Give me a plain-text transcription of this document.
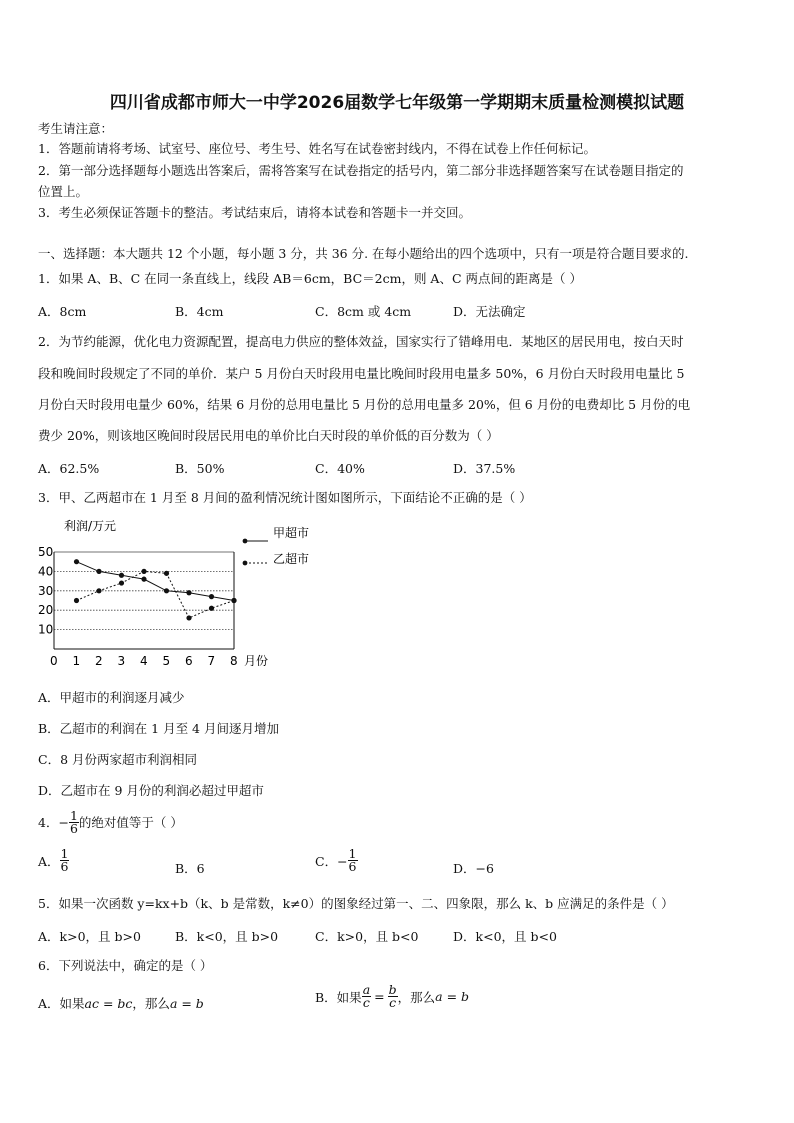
四川省成都市师大一中学2026届数学七年级第一学期期末质量检测模拟试题
考生请注意：
1．答题前请将考场、试室号、座位号、考生号、姓名写在试卷密封线内，不得在试卷上作任何标记。
2．第一部分选择题每小题选出答案后，需将答案写在试卷指定的括号内，第二部分非选择题答案写在试卷题目指定的
位置上。
3．考生必须保证答题卡的整洁。考试结束后，请将本试卷和答题卡一并交回。
一、选择题：本大题共 12 个小题，每小题 3 分，共 36 分. 在每小题给出的四个选项中，只有一项是符合题目要求的.
1．如果 A、B、C 在同一条直线上，线段 AB＝6cm，BC＝2cm，则 A、C 两点间的距离是（ ）
A．8cm	B．4cm	C．8cm 或 4cm	D．无法确定
2．为节约能源，优化电力资源配置，提高电力供应的整体效益，国家实行了错峰用电．某地区的居民用电，按白天时
段和晚间时段规定了不同的单价．某户 5 月份白天时段用电量比晚间时段用电量多 50%，6 月份白天时段用电量比 5
月份白天时段用电量少 60%，结果 6 月份的总用电量比 5 月份的总用电量多 20%，但 6 月份的电费却比 5 月份的电
费少 20%，则该地区晚间时段居民用电的单价比白天时段的单价低的百分数为（ ）
A．62.5%	B．50%	C．40%	D．37.5%
3．甲、乙两超市在 1 月至 8 月间的盈利情况统计图如图所示，下面结论不正确的是（ ）
利润/万元
月份
10
20
30
40
50
0 1 2 3 4 5 6 7 8
甲超市
乙超市
A．甲超市的利润逐月减少
B．乙超市的利润在 1 月至 4 月间逐月增加
C．8 月份两家超市利润相同
D．乙超市在 9 月份的利润必超过甲超市
4．− $\frac{1}{6}$ 的绝对值等于（ ）
A． $\frac{1}{6}$	B．6	C．− $\frac{1}{6}$	D．−6
5．如果一次函数 y=kx+b（k、b 是常数，k≠0）的图象经过第一、二、四象限，那么 k、b 应满足的条件是（ ）
A．k>0，且 b>0	B．k<0，且 b>0	C．k>0，且 b<0	D．k<0，且 b<0
6．下列说法中，确定的是（ ）
A．如果ac = bc，那么a = b	B．如果 $\frac{a}{c} = \frac{b}{c}$ ，那么 a = b
